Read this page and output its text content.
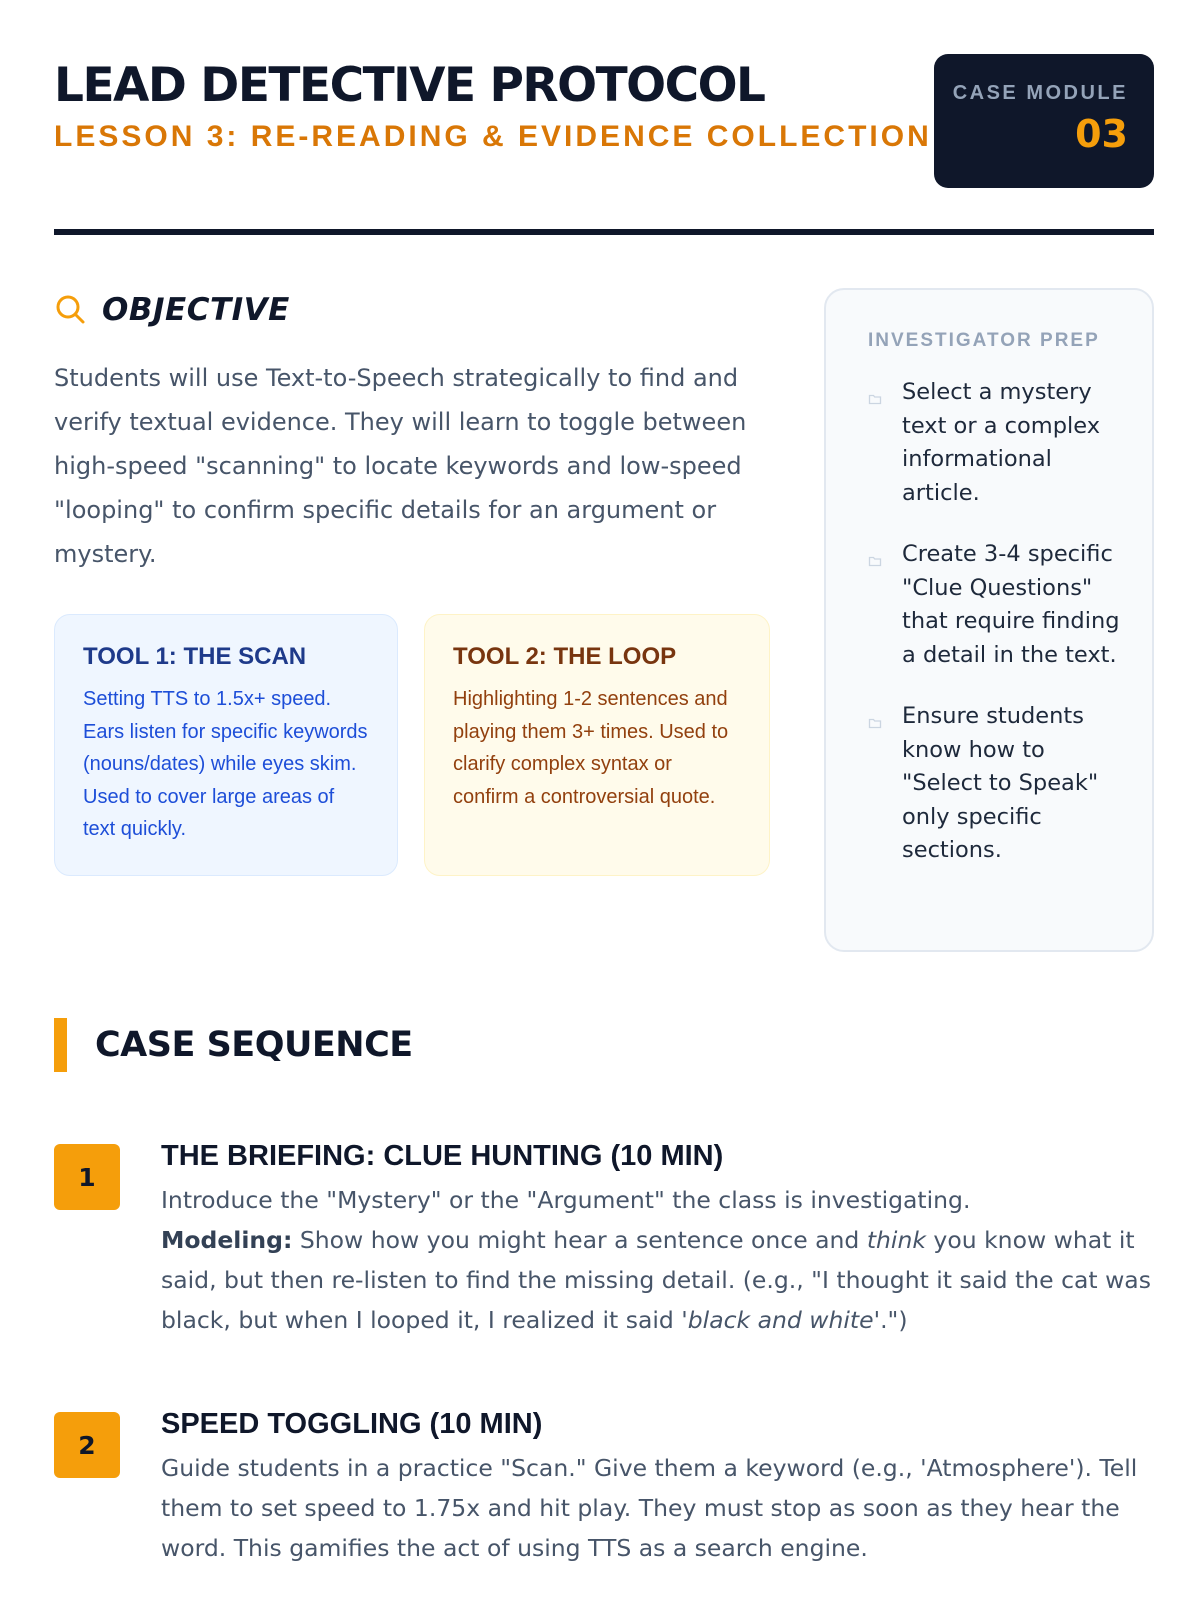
LEAD DETECTIVE PROTOCOL
LESSON 3: RE-READING & EVIDENCE COLLECTION
CASE MODULE
03
OBJECTIVE

Students will use Text-to-Speech strategically to find and verify textual evidence. They will learn to toggle between high-speed "scanning" to locate keywords and low-speed "looping" to confirm specific details for an argument or mystery.

TOOL 1: THE SCAN
Setting TTS to 1.5x+ speed. Ears listen for specific keywords (nouns/dates) while eyes skim. Used to cover large areas of text quickly.
TOOL 2: THE LOOP
Highlighting 1-2 sentences and playing them 3+ times. Used to clarify complex syntax or confirm a controversial quote.
INVESTIGATOR PREP
Select a mystery text or a complex informational article.
Create 3-4 specific "Clue Questions" that require finding a detail in the text.
Ensure students know how to "Select to Speak" only specific sections.
CASE SEQUENCE
1
THE BRIEFING: CLUE HUNTING (10 MIN)
Introduce the "Mystery" or the "Argument" the class is investigating.
Modeling: Show how you might hear a sentence once and think you know what it said, but then re-listen to find the missing detail. (e.g., "I thought it said the cat was black, but when I looped it, I realized it said 'black and white'.")
2
SPEED TOGGLING (10 MIN)
Guide students in a practice "Scan." Give them a keyword (e.g., 'Atmosphere'). Tell them to set speed to 1.75x and hit play. They must stop as soon as they hear the word. This gamifies the act of using TTS as a search engine.
